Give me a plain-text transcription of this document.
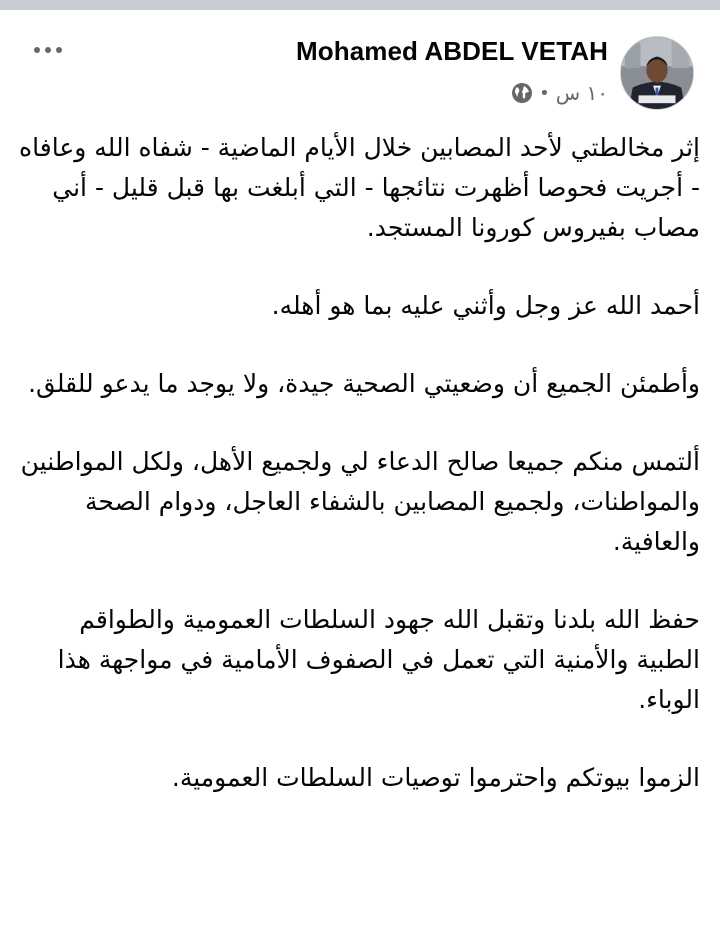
Mohamed ABDEL VETAH
١٠ س
•

إثر مخالطتي لأحد المصابين خلال الأيام الماضية - شفاه الله وعافاه - أجريت فحوصا أظهرت نتائجها - التي أبلغت بها قبل قليل - أني مصاب بفيروس كورونا المستجد.

أحمد الله عز وجل وأثني عليه بما هو أهله.

وأطمئن الجميع أن وضعيتي الصحية جيدة، ولا يوجد ما يدعو للقلق.

ألتمس منكم جميعا صالح الدعاء لي ولجميع الأهل، ولكل المواطنين والمواطنات، ولجميع المصابين بالشفاء العاجل، ودوام الصحة والعافية.

حفظ الله بلدنا وتقبل الله جهود السلطات العمومية والطواقم الطبية والأمنية التي تعمل في الصفوف الأمامية في مواجهة هذا الوباء.

الزموا بيوتكم واحترموا توصيات السلطات العمومية.
